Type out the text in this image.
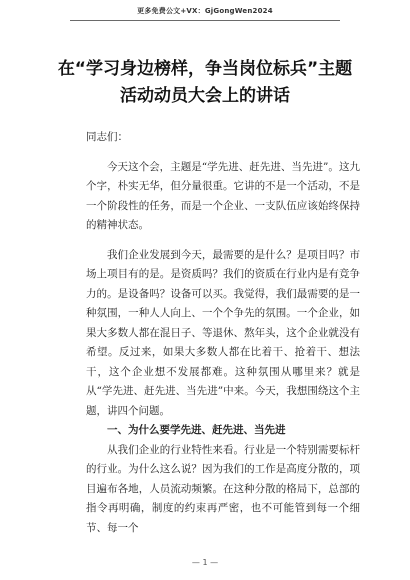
更多免费公文+VX：GjGongWen2024
在“学习身边榜样，争当岗位标兵”主题
活动动员大会上的讲话

同志们：

今天这个会，主题是“学先进、赶先进、当先进”。这九个字，朴实无华，但分量很重。它讲的不是一个活动，不是一个阶段性的任务，而是一个企业、一支队伍应该始终保持的精神状态。

我们企业发展到今天，最需要的是什么？是项目吗？市场上项目有的是。是资质吗？我们的资质在行业内是有竞争力的。是设备吗？设备可以买。我觉得，我们最需要的是一种氛围，一种人人向上、一个个争先的氛围。一个企业，如果大多数人都在混日子、等退休、熬年头，这个企业就没有希望。反过来，如果大多数人都在比着干、抢着干、想法干，这个企业想不发展都难。这种氛围从哪里来？就是从“学先进、赶先进、当先进”中来。今天，我想围绕这个主题，讲四个问题。

一、为什么要学先进、赶先进、当先进

从我们企业的行业特性来看。行业是一个特别需要标杆的行业。为什么这么说？因为我们的工作是高度分散的，项目遍布各地，人员流动频繁。在这种分散的格局下，总部的指令再明确，制度的约束再严密，也不可能管到每一个细节、每一个

— 1 —
